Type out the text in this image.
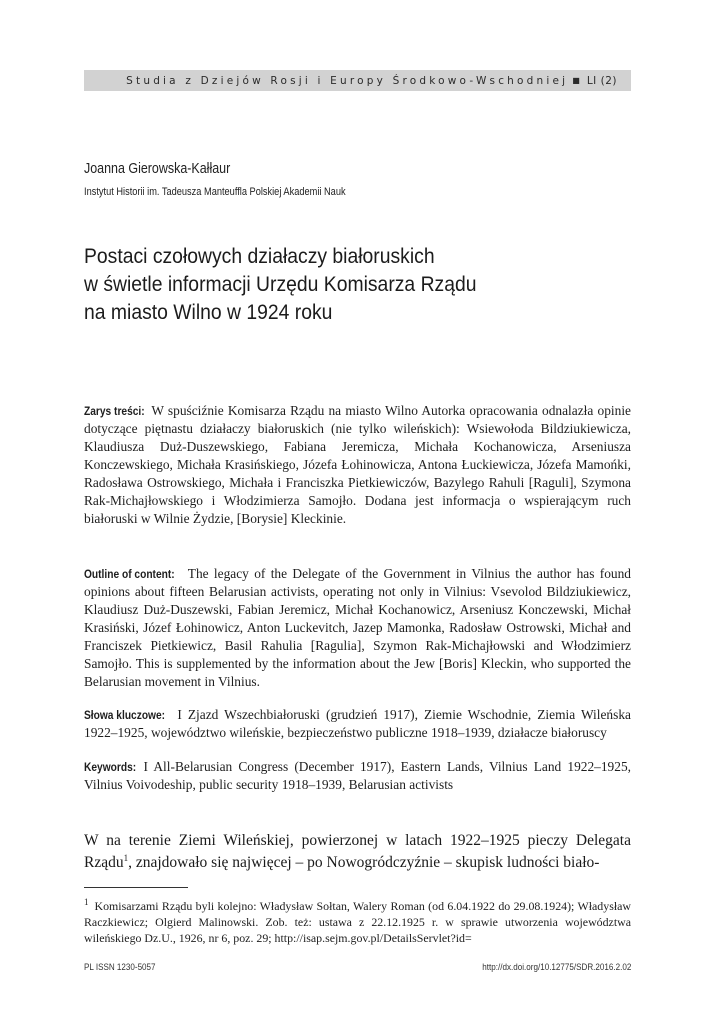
Studia z Dziejów Rosji i Europy Środkowo-Wschodniej ■ LI (2)
Joanna Gierowska-Kałłaur
Instytut Historii im. Tadeusza Manteuffla Polskiej Akademii Nauk
Postaci czołowych działaczy białoruskich
w świetle informacji Urzędu Komisarza Rządu
na miasto Wilno w 1924 roku
Zarys treści: W spuściźnie Komisarza Rządu na miasto Wilno Autorka opracowania odnalazła opinie dotyczące piętnastu działaczy białoruskich (nie tylko wileńskich): Wsiewołoda Bildziukiewicza, Klaudiusza Duż-Duszewskiego, Fabiana Jeremicza, Michała Kochanowicza, Arseniusza Konczewskiego, Michała Krasińskiego, Józefa Łohinowicza, Antona Łuckiewicza, Józefa Mamońki, Radosława Ostrowskiego, Michała i Franciszka Pietkiewiczów, Bazylego Rahuli [Raguli], Szymona Rak-Michajłowskiego i Włodzimierza Samojło. Dodana jest informacja o wspierającym ruch białoruski w Wilnie Żydzie, [Borysie] Kleckinie.
Outline of content: The legacy of the Delegate of the Government in Vilnius the author has found opinions about fifteen Belarusian activists, operating not only in Vilnius: Vsevolod Bildziukiewicz, Klaudiusz Duż-Duszewski, Fabian Jeremicz, Michał Kochanowicz, Arseniusz Konczewski, Michał Krasiński, Józef Łohinowicz, Anton Luckevitch, Jazep Mamonka, Radosław Ostrowski, Michał and Franciszek Pietkiewicz, Basil Rahulia [Ragulia], Szymon Rak-Michajłowski and Włodzimierz Samojło. This is supplemented by the information about the Jew [Boris] Kleckin, who supported the Belarusian movement in Vilnius.
Słowa kluczowe: I Zjazd Wszechbiałoruski (grudzień 1917), Ziemie Wschodnie, Ziemia Wileńska 1922–1925, województwo wileńskie, bezpieczeństwo publiczne 1918–1939, działacze białoruscy
Keywords: I All-Belarusian Congress (December 1917), Eastern Lands, Vilnius Land 1922–1925, Vilnius Voivodeship, public security 1918–1939, Belarusian activists
W na terenie Ziemi Wileńskiej, powierzonej w latach 1922–1925 pieczy Delegata Rządu$^1$, znajdowało się najwięcej – po Nowogródczyźnie – skupisk ludności biało-
$^1$ Komisarzami Rządu byli kolejno: Władysław Sołtan, Walery Roman (od 6.04.1922 do 29.08.1924); Władysław Raczkiewicz; Olgierd Malinowski. Zob. też: ustawa z 22.12.1925 r. w sprawie utworzenia województwa wileńskiego Dz.U., 1926, nr 6, poz. 29; http://isap.sejm.gov.pl/DetailsServlet?id=
PL ISSN 1230-5057	http://dx.doi.org/10.12775/SDR.2016.2.02
